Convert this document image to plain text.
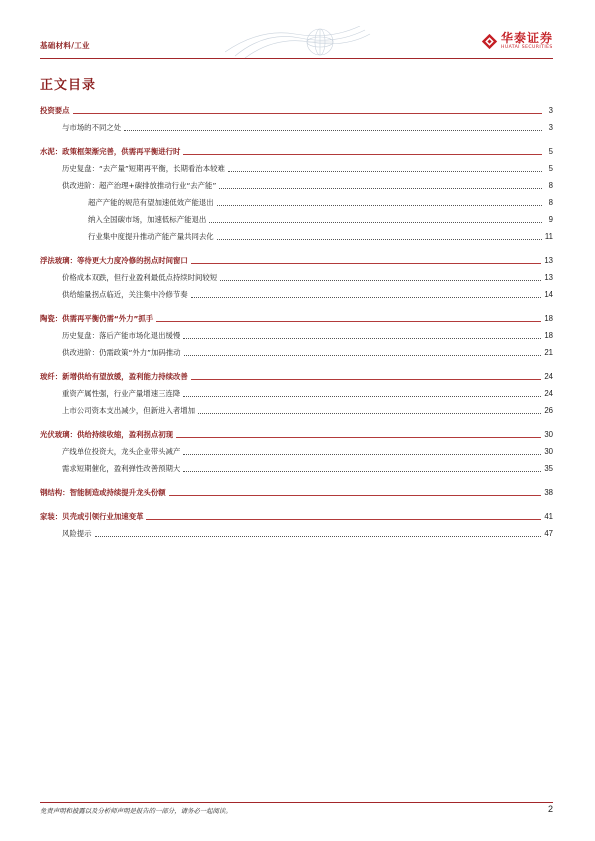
基础材料/工业
华泰证券
HUATAI SECURITIES
正文目录
投资要点	3
与市场的不同之处	3
水泥：政策框架渐完善，供需再平衡进行时	5
历史复盘：“去产量”短期再平衡，长期看治本较难	5
供改进阶：超产治理+碳排放推动行业“去产能”	8
超产产能的规范有望加速低效产能退出	8
纳入全国碳市场，加速低标产能退出	9
行业集中度提升推动产能产量共同去化	11
浮法玻璃：等待更大力度冷修的拐点时间窗口	13
价格成本双跌，但行业盈利最低点持续时间较短	13
供给缩量拐点临近，关注集中冷修节奏	14
陶瓷：供需再平衡仍需“外力”抓手	18
历史复盘：落后产能市场化退出缓慢	18
供改进阶：仍需政策“外力”加码推动	21
玻纤：新增供给有望放缓，盈利能力持续改善	24
重资产属性强，行业产量增速三连降	24
上市公司资本支出减少，但新进入者增加	26
光伏玻璃：供给持续收缩，盈利拐点初现	30
产线单位投资大，龙头企业带头减产	30
需求短期催化，盈利弹性改善预期大	35
钢结构：智能制造或持续提升龙头份额	38
家装：贝壳或引领行业加速变革	41
风险提示	47
免责声明和披露以及分析师声明是报告的一部分，请务必一起阅读。	2
